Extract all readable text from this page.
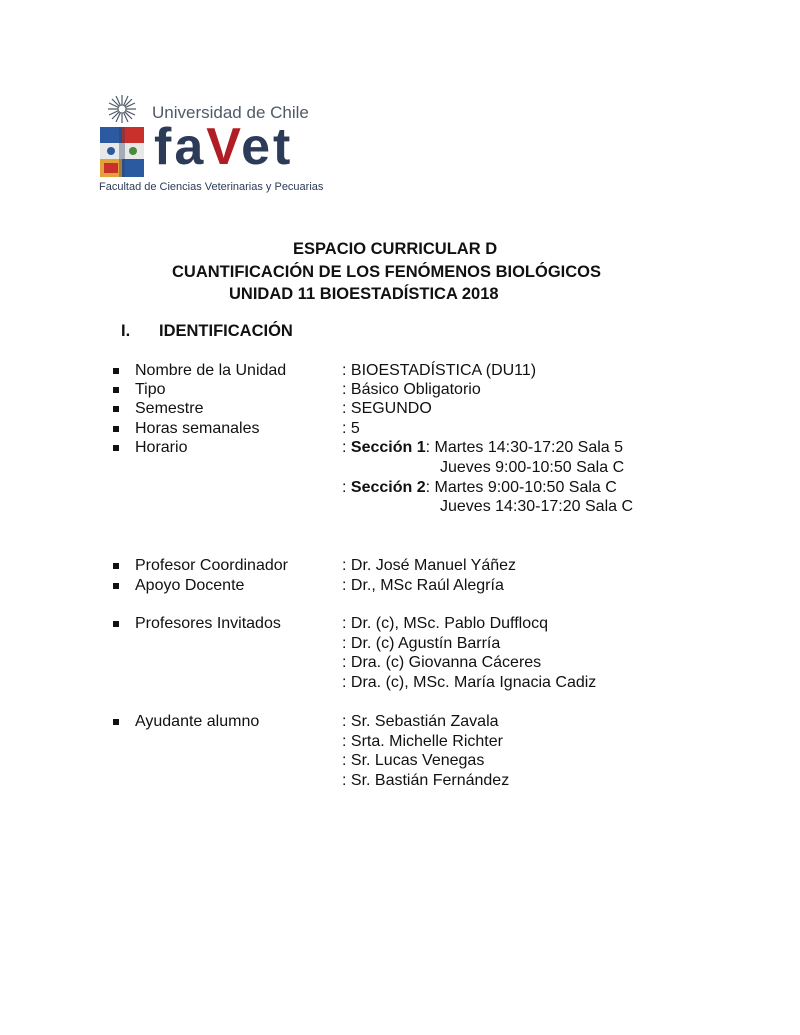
Universidad de Chile
faVet
Facultad de Ciencias Veterinarias y Pecuarias
ESPACIO CURRICULAR D
CUANTIFICACIÓN DE LOS FENÓMENOS BIOLÓGICOS
UNIDAD 11 BIOESTADÍSTICA 2018
I. IDENTIFICACIÓN
Nombre de la Unidad	: BIOESTADÍSTICA (DU11)
Tipo	: Básico Obligatorio
Semestre	: SEGUNDO
Horas semanales	: 5
Horario	: Sección 1: Martes 14:30-17:20 Sala 5
Jueves 9:00-10:50 Sala C
: Sección 2: Martes 9:00-10:50 Sala C
Jueves 14:30-17:20 Sala C
Profesor Coordinador	: Dr. José Manuel Yáñez
Apoyo Docente	: Dr., MSc Raúl Alegría
Profesores Invitados	: Dr. (c), MSc. Pablo Dufflocq
: Dr. (c) Agustín Barría
: Dra. (c) Giovanna Cáceres
: Dra. (c), MSc. María Ignacia Cadiz
Ayudante alumno	: Sr. Sebastián Zavala
: Srta. Michelle Richter
: Sr. Lucas Venegas
: Sr. Bastián Fernández
